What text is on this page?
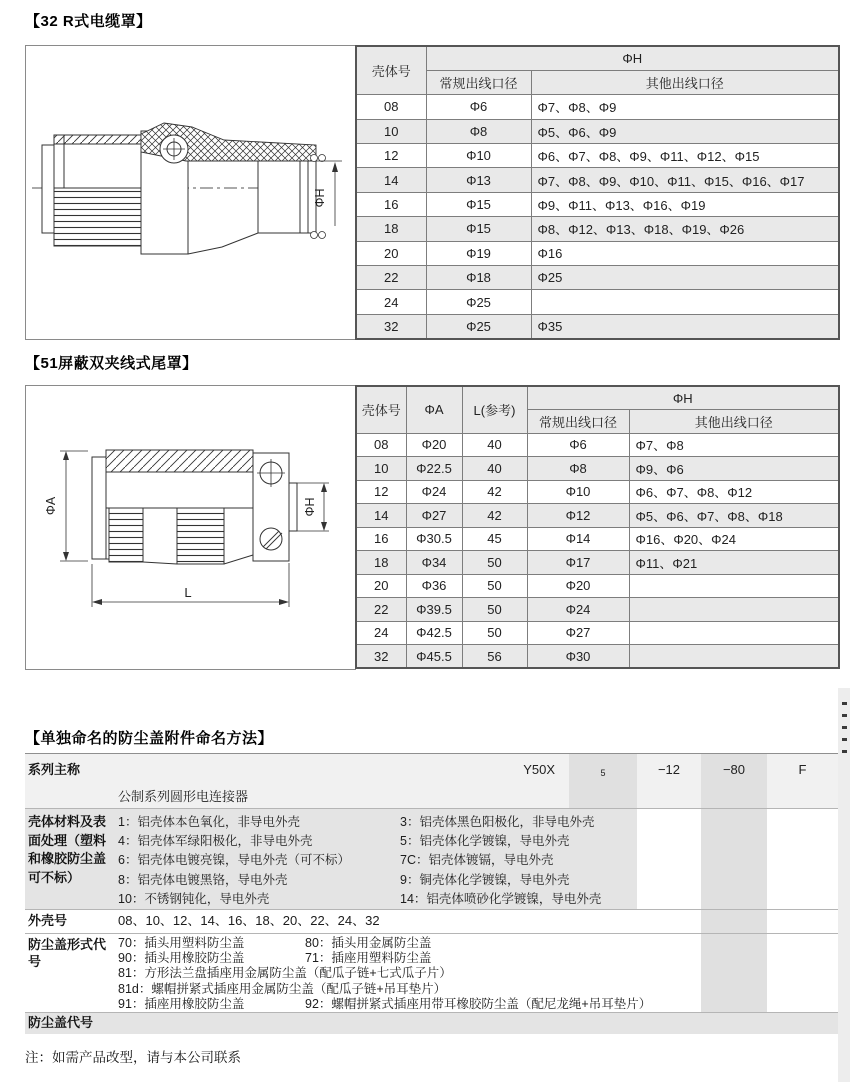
【32 R式电缆罩】
ΦH
壳体号	ΦH	
	常规出线口径	其他出线口径
08	Φ6	Φ7、Φ8、Φ9
10	Φ8	Φ5、Φ6、Φ9
12	Φ10	Φ6、Φ7、Φ8、Φ9、Φ11、Φ12、Φ15
14	Φ13	Φ7、Φ8、Φ9、Φ10、Φ11、Φ15、Φ16、Φ17
16	Φ15	Φ9、Φ11、Φ13、Φ16、Φ19
18	Φ15	Φ8、Φ12、Φ13、Φ18、Φ19、Φ26
20	Φ19	Φ16
22	Φ18	Φ25
24	Φ25	
32	Φ25	Φ35
【51屏蔽双夹线式尾罩】
ΦA	ΦH
L
壳体号	ΦA	L(参考)	ΦH	
			常规出线口径	其他出线口径
08	Φ20	40	Φ6	Φ7、Φ8
10	Φ22.5	40	Φ8	Φ9、Φ6
12	Φ24	42	Φ10	Φ6、Φ7、Φ8、Φ12
14	Φ27	42	Φ12	Φ5、Φ6、Φ7、Φ8、Φ18
16	Φ30.5	45	Φ14	Φ16、Φ20、Φ24
18	Φ34	50	Φ17	Φ11、Φ21
20	Φ36	50	Φ20	
22	Φ39.5	50	Φ24	
24	Φ42.5	50	Φ27	
32	Φ45.5	56	Φ30	
【单独命名的防尘盖附件命名方法】
系列主称	Y50X	5	−12	−80	F
公制系列圆形电连接器
壳体材料及表面处理（塑料和橡胶防尘盖可不标）
1：铝壳体本色氧化，非导电外壳
4：铝壳体军绿阳极化，非导电外壳
6：铝壳体电镀亮镍，导电外壳（可不标）
8：铝壳体电镀黑铬，导电外壳
10：不锈钢钝化，导电外壳
3：铝壳体黑色阳极化，非导电外壳
5：铝壳体化学镀镍，导电外壳
7C：铝壳体镀镉，导电外壳
9：铜壳体化学镀镍，导电外壳
14：铝壳体喷砂化学镀镍，导电外壳
外壳号	08、10、12、14、16、18、20、22、24、32
防尘盖形式代号
70：插头用塑料防尘盖	80：插头用金属防尘盖
90：插头用橡胶防尘盖	71：插座用塑料防尘盖
81：方形法兰盘插座用金属防尘盖（配瓜子链+七式瓜子片）
81d：螺帽拼紧式插座用金属防尘盖（配瓜子链+吊耳垫片）
91：插座用橡胶防尘盖	92：螺帽拼紧式插座用带耳橡胶防尘盖（配尼龙绳+吊耳垫片）
防尘盖代号
注：如需产品改型，请与本公司联系
